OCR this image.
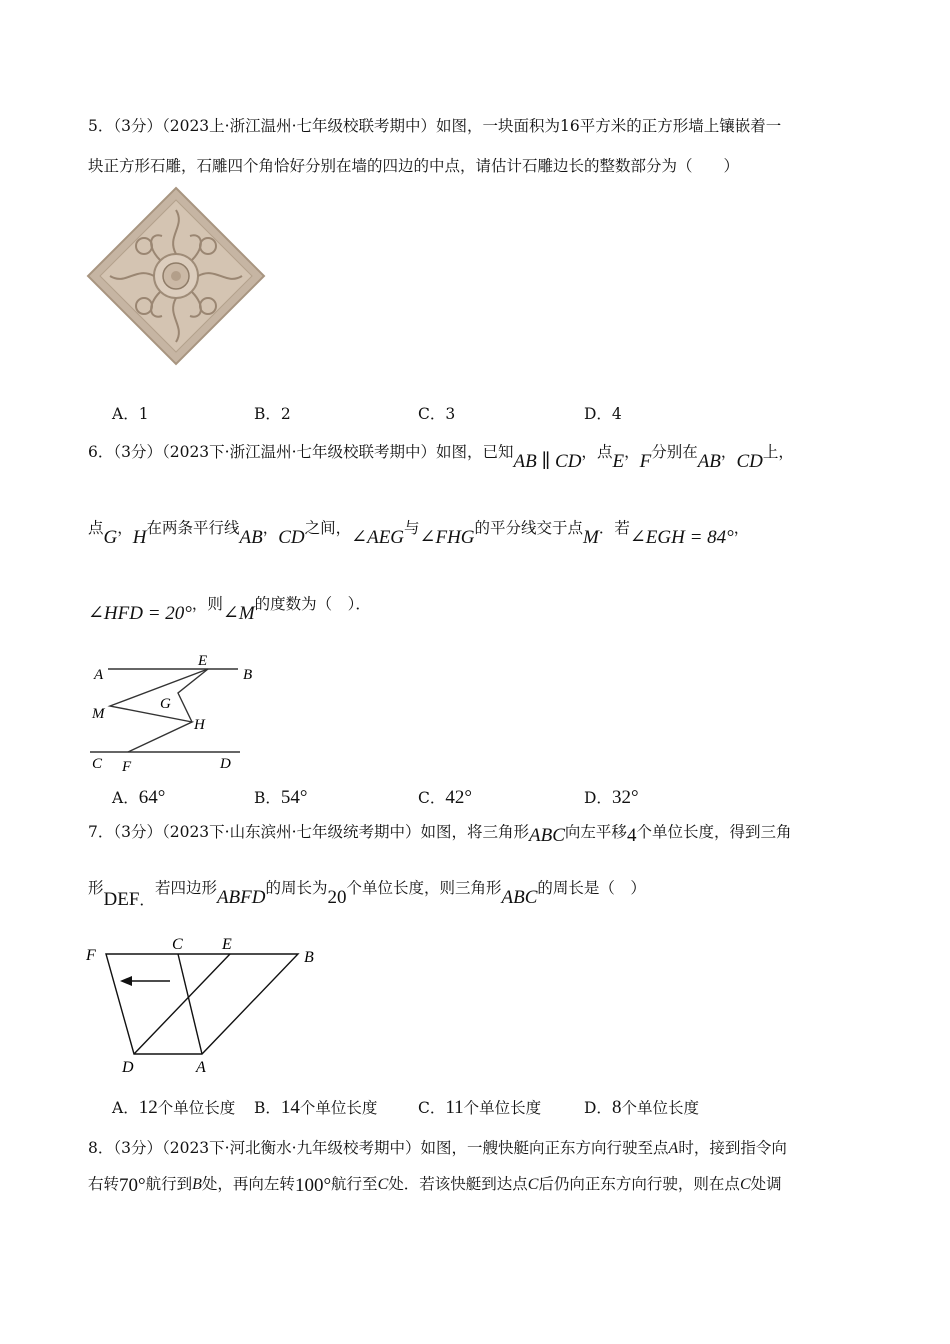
5．（3分）（2023上·浙江温州·七年级校联考期中）如图，一块面积为16平方米的正方形墙上镶嵌着一
块正方形石雕，石雕四个角恰好分别在墙的四边的中点，请估计石雕边长的整数部分为（　　）
A．1	B．2	C．3	D．4
6．（3分）（2023下·浙江温州·七年级校联考期中）如图，已知AB ∥ CD，点E，F分别在AB，CD上，
点G，H在两条平行线AB，CD之间，∠AEG与∠FHG的平分线交于点M．若∠EGH = 84°，
∠HFD = 20°，则∠M的度数为（　）．
A
E
B
M
G
H
C F	D
A．64°	B．54°	C．42°	D．32°
7．（3分）（2023下·山东滨州·七年级统考期中）如图，将三角形ABC向左平移4个单位长度，得到三角
形DEF．若四边形ABFD的周长为20个单位长度，则三角形ABC的周长是（　）
F
C E
B
D	A
A．12个单位长度 B．14个单位长度	C．11个单位长度	D．8个单位长度
8．（3分）（2023下·河北衡水·九年级校考期中）如图，一艘快艇向正东方向行驶至点A时，接到指令向
右转70°航行到B处，再向左转100°航行至C处．若该快艇到达点C后仍向正东方向行驶，则在点C处调
